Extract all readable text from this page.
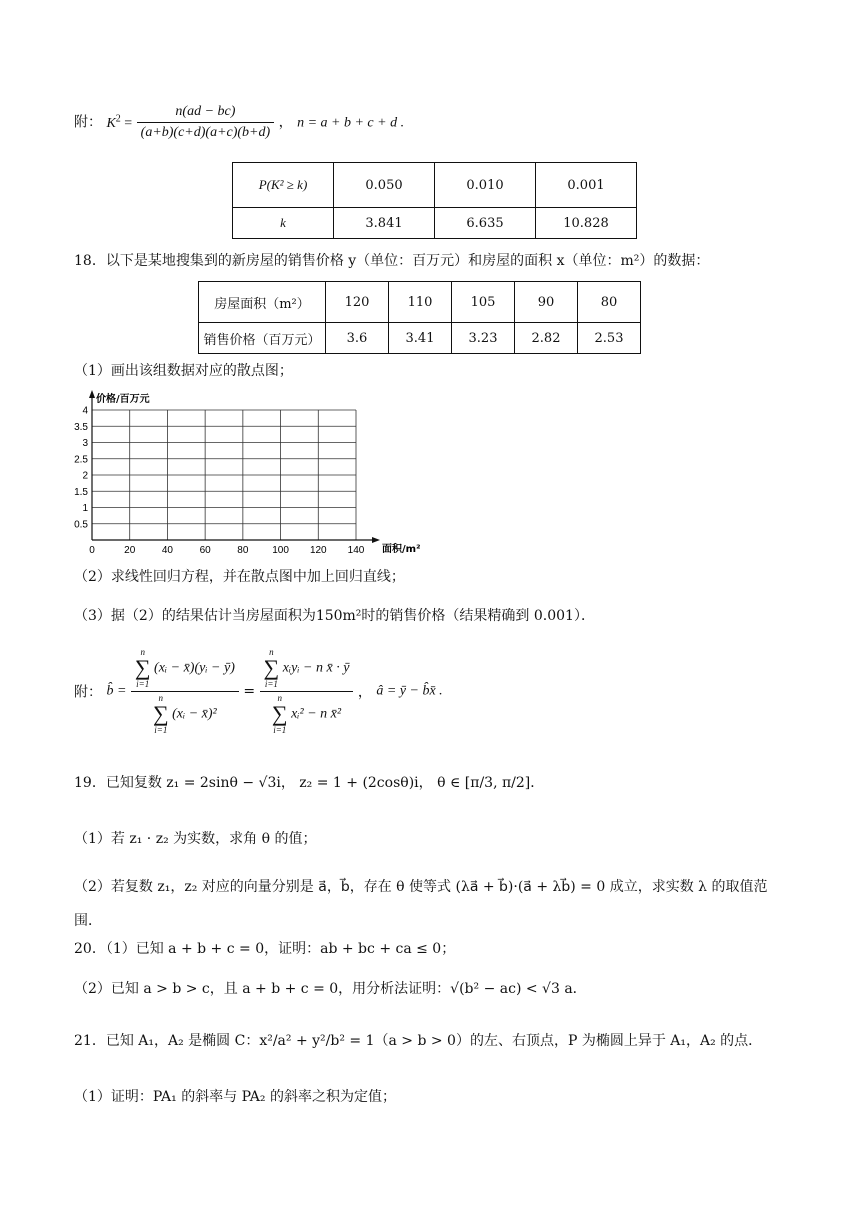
附： $K^2 = \frac{n(ad - bc)}{(a+b)(c+d)(a+c)(b+d)}$ ， n = a + b + c + d .
P(K² ≥ k)	0.050	0.010	0.001
k	3.841	6.635	10.828
18．以下是某地搜集到的新房屋的销售价格 y（单位：百万元）和房屋的面积 x（单位：m²）的数据：
房屋面积（m²）	120	110	105	90	80
销售价格（百万元）	3.6	3.41	3.23	2.82	2.53
（1）画出该组数据对应的散点图；
0	20	40	60	80 100 120 140
0.5
1
1.5
2
2.5
3
3.5
4
面积/m²
价格/百万元
（2）求线性回归方程，并在散点图中加上回归直线；
（3）据（2）的结果估计当房屋面积为150m²时的销售价格（结果精确到 0.001）．
附： b̂ = n
∑
i=1
(xᵢ − x̄)(yᵢ − ȳ)
n
∑
i=1
(xᵢ − x̄)² = n
∑
i=1
xᵢyᵢ − n x̄ · ȳ
n
∑
i=1
xᵢ² − n x̄² ， â = ȳ − b̂x̄ .
19．已知复数 z₁ = 2sinθ − √3i， z₂ = 1 + (2cosθ)i， θ ∈ [π/3, π/2]．
（1）若 z₁ · z₂ 为实数，求角 θ 的值；
（2）若复数 z₁，z₂ 对应的向量分别是 a⃗，b⃗，存在 θ 使等式 (λa⃗ + b⃗)·(a⃗ + λb⃗) = 0 成立，求实数 λ 的取值范
围．
20．（1）已知 a + b + c = 0，证明：ab + bc + ca ≤ 0；
（2）已知 a > b > c，且 a + b + c = 0，用分析法证明：√(b² − ac) < √3 a．
21．已知 A₁，A₂ 是椭圆 C：x²/a² + y²/b² = 1（a > b > 0）的左、右顶点，P 为椭圆上异于 A₁，A₂ 的点．
（1）证明：PA₁ 的斜率与 PA₂ 的斜率之积为定值；
